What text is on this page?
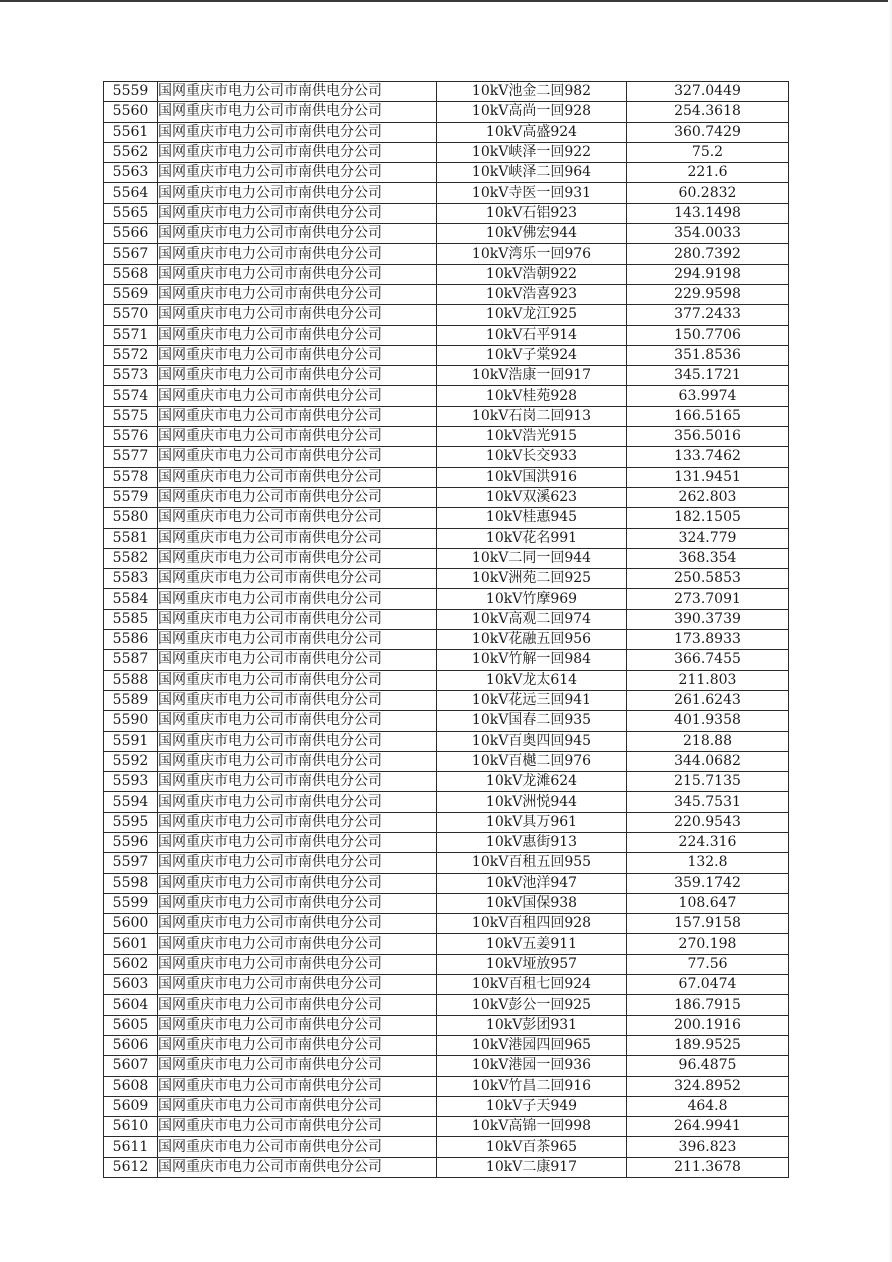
5559	国网重庆市电力公司市南供电分公司	10kV池金二回982	327.0449
5560	国网重庆市电力公司市南供电分公司	10kV高尚一回928	254.3618
5561	国网重庆市电力公司市南供电分公司	10kV高盛924	360.7429
5562	国网重庆市电力公司市南供电分公司	10kV峡泽一回922	75.2
5563	国网重庆市电力公司市南供电分公司	10kV峡泽二回964	221.6
5564	国网重庆市电力公司市南供电分公司	10kV寺医一回931	60.2832
5565	国网重庆市电力公司市南供电分公司	10kV石铝923	143.1498
5566	国网重庆市电力公司市南供电分公司	10kV佛宏944	354.0033
5567	国网重庆市电力公司市南供电分公司	10kV湾乐一回976	280.7392
5568	国网重庆市电力公司市南供电分公司	10kV浩朝922	294.9198
5569	国网重庆市电力公司市南供电分公司	10kV浩喜923	229.9598
5570	国网重庆市电力公司市南供电分公司	10kV龙江925	377.2433
5571	国网重庆市电力公司市南供电分公司	10kV石平914	150.7706
5572	国网重庆市电力公司市南供电分公司	10kV子棠924	351.8536
5573	国网重庆市电力公司市南供电分公司	10kV浩康一回917	345.1721
5574	国网重庆市电力公司市南供电分公司	10kV桂苑928	63.9974
5575	国网重庆市电力公司市南供电分公司	10kV石岗二回913	166.5165
5576	国网重庆市电力公司市南供电分公司	10kV浩光915	356.5016
5577	国网重庆市电力公司市南供电分公司	10kV长交933	133.7462
5578	国网重庆市电力公司市南供电分公司	10kV国洪916	131.9451
5579	国网重庆市电力公司市南供电分公司	10kV双溪623	262.803
5580	国网重庆市电力公司市南供电分公司	10kV桂惠945	182.1505
5581	国网重庆市电力公司市南供电分公司	10kV花名991	324.779
5582	国网重庆市电力公司市南供电分公司	10kV二同一回944	368.354
5583	国网重庆市电力公司市南供电分公司	10kV洲苑二回925	250.5853
5584	国网重庆市电力公司市南供电分公司	10kV竹摩969	273.7091
5585	国网重庆市电力公司市南供电分公司	10kV高观二回974	390.3739
5586	国网重庆市电力公司市南供电分公司	10kV花融五回956	173.8933
5587	国网重庆市电力公司市南供电分公司	10kV竹解一回984	366.7455
5588	国网重庆市电力公司市南供电分公司	10kV龙太614	211.803
5589	国网重庆市电力公司市南供电分公司	10kV花远三回941	261.6243
5590	国网重庆市电力公司市南供电分公司	10kV国春二回935	401.9358
5591	国网重庆市电力公司市南供电分公司	10kV百奥四回945	218.88
5592	国网重庆市电力公司市南供电分公司	10kV百樾二回976	344.0682
5593	国网重庆市电力公司市南供电分公司	10kV龙滩624	215.7135
5594	国网重庆市电力公司市南供电分公司	10kV洲悦944	345.7531
5595	国网重庆市电力公司市南供电分公司	10kV具万961	220.9543
5596	国网重庆市电力公司市南供电分公司	10kV惠街913	224.316
5597	国网重庆市电力公司市南供电分公司	10kV百租五回955	132.8
5598	国网重庆市电力公司市南供电分公司	10kV池洋947	359.1742
5599	国网重庆市电力公司市南供电分公司	10kV国保938	108.647
5600	国网重庆市电力公司市南供电分公司	10kV百租四回928	157.9158
5601	国网重庆市电力公司市南供电分公司	10kV五姜911	270.198
5602	国网重庆市电力公司市南供电分公司	10kV垭放957	77.56
5603	国网重庆市电力公司市南供电分公司	10kV百租七回924	67.0474
5604	国网重庆市电力公司市南供电分公司	10kV彭公一回925	186.7915
5605	国网重庆市电力公司市南供电分公司	10kV彭团931	200.1916
5606	国网重庆市电力公司市南供电分公司	10kV港园四回965	189.9525
5607	国网重庆市电力公司市南供电分公司	10kV港园一回936	96.4875
5608	国网重庆市电力公司市南供电分公司	10kV竹昌二回916	324.8952
5609	国网重庆市电力公司市南供电分公司	10kV子天949	464.8
5610	国网重庆市电力公司市南供电分公司	10kV高锦一回998	264.9941
5611	国网重庆市电力公司市南供电分公司	10kV百茶965	396.823
5612	国网重庆市电力公司市南供电分公司	10kV二康917	211.3678
